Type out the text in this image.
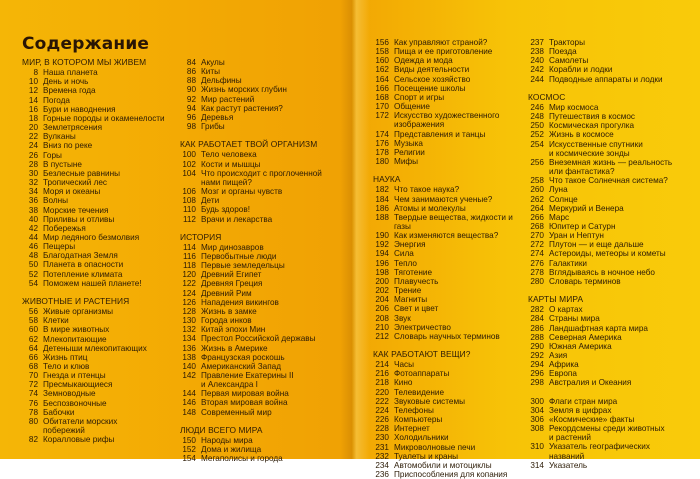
Содержание
МИР, В КОТОРОМ МЫ ЖИВЕМ
8 Наша планета
10 День и ночь
12 Времена года
14 Погода
16 Бури и наводнения
18 Горные породы и окаменелости
20 Землетрясения
22 Вулканы
24 Вниз по реке
26 Горы
28 В пустыне
30 Безлесные равнины
32 Тропический лес
34 Моря и океаны
36 Волны
38 Морские течения
40 Приливы и отливы
42 Побережья
44 Мир ледяного безмолвия
46 Пещеры
48 Благодатная Земля
50 Планета в опасности
52 Потепление климата
54 Поможем нашей планете!
ЖИВОТНЫЕ И РАСТЕНИЯ
56 Живые организмы
58 Клетки
60 В мире животных
62 Млекопитающие
64 Детеныши млекопитающих
66 Жизнь птиц
68 Тело и клюв
70 Гнезда и птенцы
72 Пресмыкающиеся
74 Земноводные
76 Беспозвоночные
78 Бабочки
80 Обитатели морских
побережий
82 Коралловые рифы
84 Акулы
86 Киты
88 Дельфины
90 Жизнь морских глубин
92 Мир растений
94 Как растут растения?
96 Деревья
98 Грибы
КАК РАБОТАЕТ ТВОЙ ОРГАНИЗМ
100 Тело человека
102 Кости и мышцы
104 Что происходит с проглоченной
нами пищей?
106 Мозг и органы чувств
108 Дети
110 Будь здоров!
112 Врачи и лекарства
ИСТОРИЯ
114 Мир динозавров
116 Первобытные люди
118 Первые земледельцы
120 Древний Египет
122 Древняя Греция
124 Древний Рим
126 Нападения викингов
128 Жизнь в замке
130 Города инков
132 Китай эпохи Мин
134 Престол Российской державы
136 Жизнь в Америке
138 Французская роскошь
140 Американский Запад
142 Правление Екатерины II
и Александра I
144 Первая мировая война
146 Вторая мировая война
148 Современный мир
ЛЮДИ ВСЕГО МИРА
150 Народы мира
152 Дома и жилища
154 Мегаполисы и города
156 Как управляют страной?
158 Пища и ее приготовление
160 Одежда и мода
162 Виды деятельности
164 Сельское хозяйство
166 Посещение школы
168 Спорт и игры
170 Общение
172 Искусство художественного
изображения
174 Представления и танцы
176 Музыка
178 Религии
180 Мифы
НАУКА
182 Что такое наука?
184 Чем занимаются ученые?
186 Атомы и молекулы
188 Твердые вещества, жидкости и газы
190 Как изменяются вещества?
192 Энергия
194 Сила
196 Тепло
198 Тяготение
200 Плавучесть
202 Трение
204 Магниты
206 Свет и цвет
208 Звук
210 Электричество
212 Словарь научных терминов
КАК РАБОТАЮТ ВЕЩИ?
214 Часы
216 Фотоаппараты
218 Кино
220 Телевидение
222 Звуковые системы
224 Телефоны
226 Компьютеры
228 Интернет
230 Холодильники
231 Микроволновые печи
232 Туалеты и краны
234 Автомобили и мотоциклы
236 Приспособления для копания
237 Тракторы
238 Поезда
240 Самолеты
242 Корабли и лодки
244 Подводные аппараты и лодки
КОСМОС
246 Мир космоса
248 Путешествия в космос
250 Космическая прогулка
252 Жизнь в космосе
254 Искусственные спутники
и космические зонды
256 Внеземная жизнь — реальность
или фантастика?
258 Что такое Солнечная система?
260 Луна
262 Солнце
264 Меркурий и Венера
266 Марс
268 Юпитер и Сатурн
270 Уран и Нептун
272 Плутон — и еще дальше
274 Астероиды, метеоры и кометы
276 Галактики
278 Вглядываясь в ночное небо
280 Словарь терминов
КАРТЫ МИРА
282 О картах
284 Страны мира
286 Ландшафтная карта мира
288 Северная Америка
290 Южная Америка
292 Азия
294 Африка
296 Европа
298 Австралия и Океания
300 Флаги стран мира
304 Земля в цифрах
306 «Космические» факты
308 Рекордсмены среди животных
и растений
310 Указатель географических
названий
314 Указатель
